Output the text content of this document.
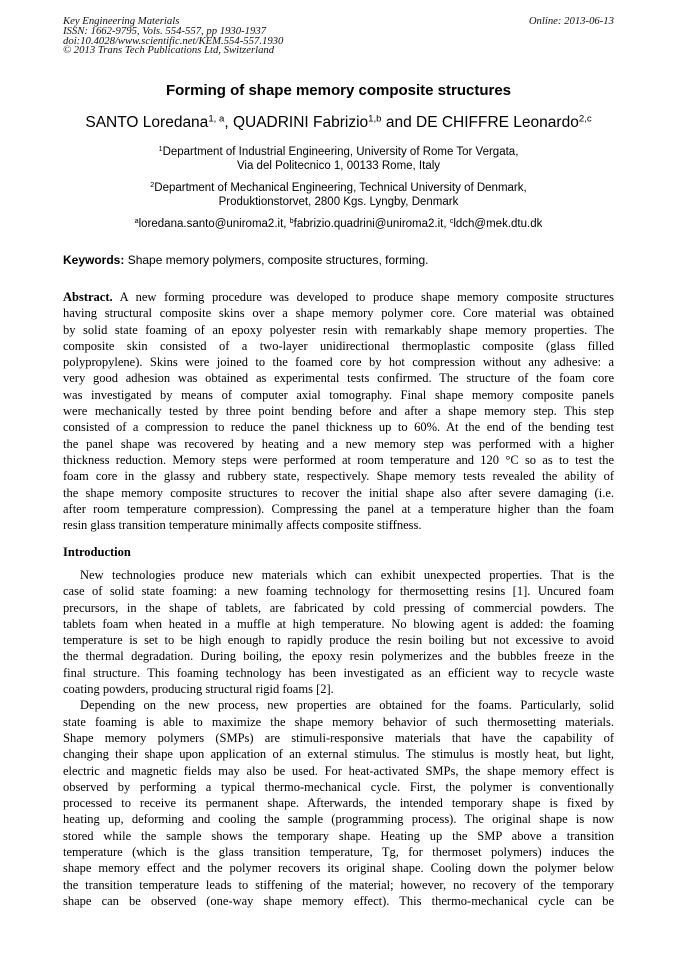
Key Engineering Materials
ISSN: 1662-9795, Vols. 554-557, pp 1930-1937
doi:10.4028/www.scientific.net/KEM.554-557.1930
© 2013 Trans Tech Publications Ltd, Switzerland
Online: 2013-06-13
Forming of shape memory composite structures
SANTO Loredana$^{1, a}$, QUADRINI Fabrizio$^{1,b}$ and DE CHIFFRE Leonardo$^{2,c}$
$^1$Department of Industrial Engineering, University of Rome Tor Vergata,
Via del Politecnico 1, 00133 Rome, Italy
$^2$Department of Mechanical Engineering, Technical University of Denmark,
Produktionstorvet, 2800 Kgs. Lyngby, Denmark
$^a$loredana.santo@uniroma2.it, $^b$fabrizio.quadrini@uniroma2.it, $^c$ldch@mek.dtu.dk
Keywords: Shape memory polymers, composite structures, forming.
Abstract. A new forming procedure was developed to produce shape memory composite structures
having structural composite skins over a shape memory polymer core. Core material was obtained
by solid state foaming of an epoxy polyester resin with remarkably shape memory properties. The
composite skin consisted of a two-layer unidirectional thermoplastic composite (glass filled
polypropylene). Skins were joined to the foamed core by hot compression without any adhesive: a
very good adhesion was obtained as experimental tests confirmed. The structure of the foam core
was investigated by means of computer axial tomography. Final shape memory composite panels
were mechanically tested by three point bending before and after a shape memory step. This step
consisted of a compression to reduce the panel thickness up to 60%. At the end of the bending test
the panel shape was recovered by heating and a new memory step was performed with a higher
thickness reduction. Memory steps were performed at room temperature and 120 °C so as to test the
foam core in the glassy and rubbery state, respectively. Shape memory tests revealed the ability of
the shape memory composite structures to recover the initial shape also after severe damaging (i.e.
after room temperature compression). Compressing the panel at a temperature higher than the foam
resin glass transition temperature minimally affects composite stiffness.
Introduction
New technologies produce new materials which can exhibit unexpected properties. That is the
case of solid state foaming: a new foaming technology for thermosetting resins [1]. Uncured foam
precursors, in the shape of tablets, are fabricated by cold pressing of commercial powders. The
tablets foam when heated in a muffle at high temperature. No blowing agent is added: the foaming
temperature is set to be high enough to rapidly produce the resin boiling but not excessive to avoid
the thermal degradation. During boiling, the epoxy resin polymerizes and the bubbles freeze in the
final structure. This foaming technology has been investigated as an efficient way to recycle waste
coating powders, producing structural rigid foams [2].
Depending on the new process, new properties are obtained for the foams. Particularly, solid
state foaming is able to maximize the shape memory behavior of such thermosetting materials.
Shape memory polymers (SMPs) are stimuli-responsive materials that have the capability of
changing their shape upon application of an external stimulus. The stimulus is mostly heat, but light,
electric and magnetic fields may also be used. For heat-activated SMPs, the shape memory effect is
observed by performing a typical thermo-mechanical cycle. First, the polymer is conventionally
processed to receive its permanent shape. Afterwards, the intended temporary shape is fixed by
heating up, deforming and cooling the sample (programming process). The original shape is now
stored while the sample shows the temporary shape. Heating up the SMP above a transition
temperature (which is the glass transition temperature, Tg, for thermoset polymers) induces the
shape memory effect and the polymer recovers its original shape. Cooling down the polymer below
the transition temperature leads to stiffening of the material; however, no recovery of the temporary
shape can be observed (one-way shape memory effect). This thermo-mechanical cycle can be
